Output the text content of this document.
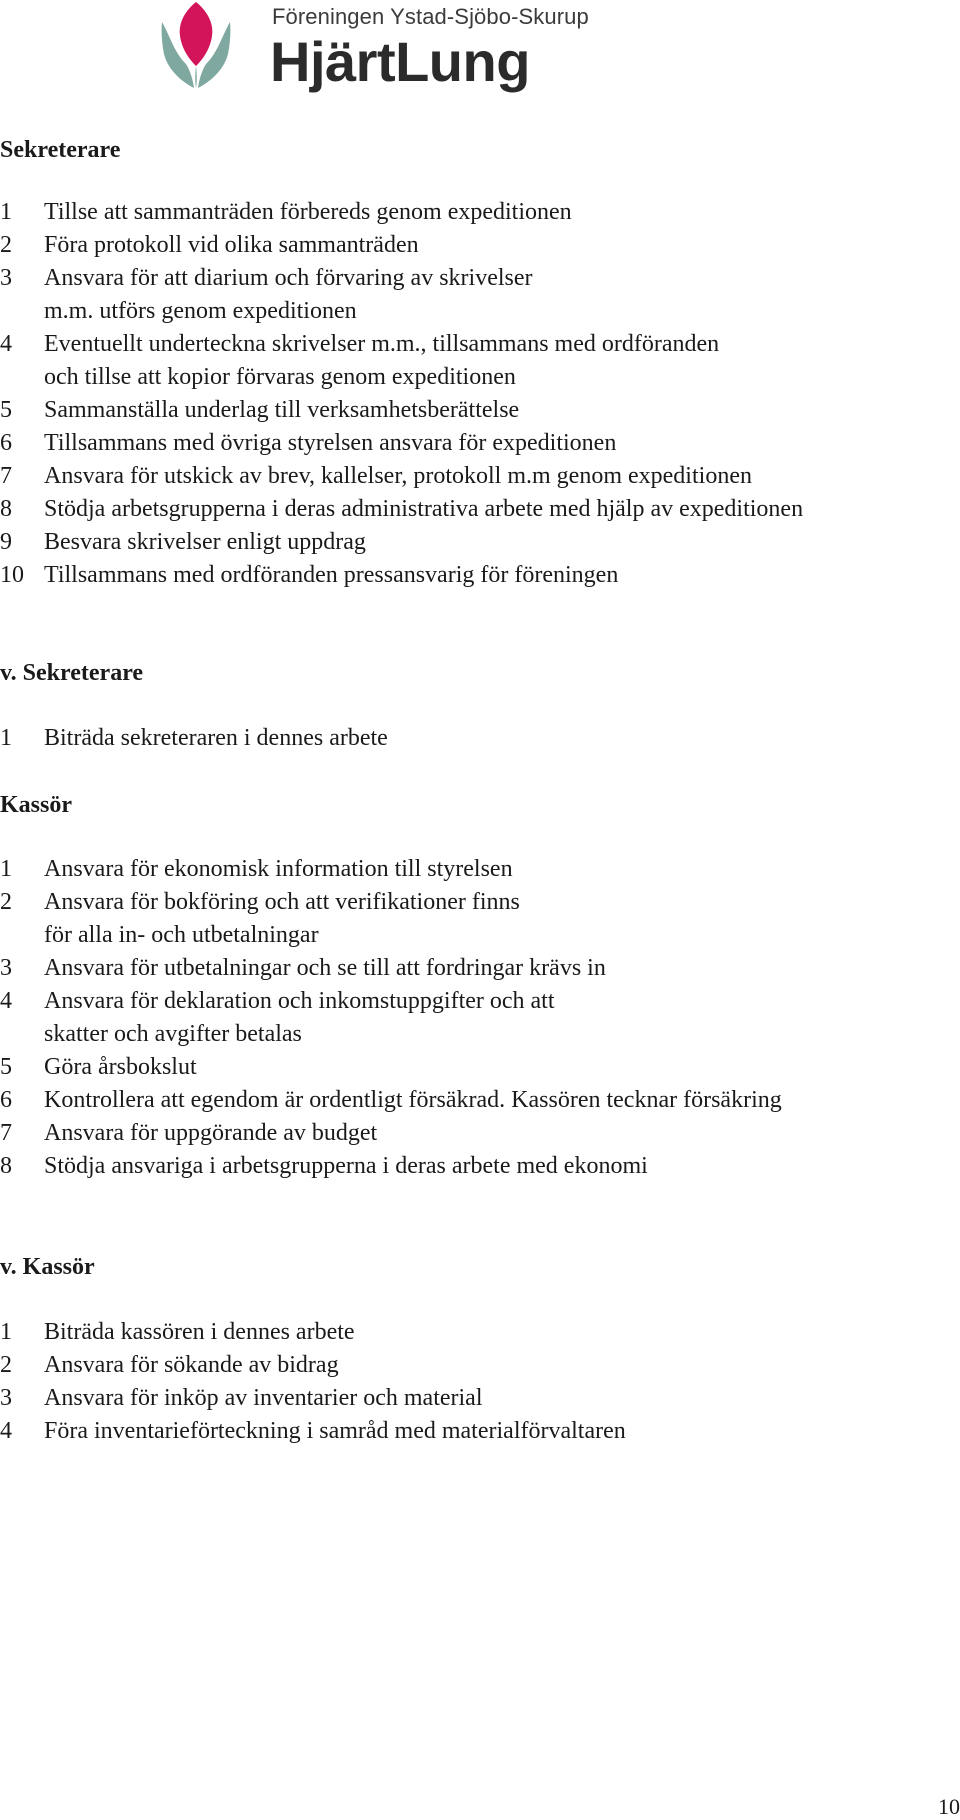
Föreningen Ystad-Sjöbo-Skurup
HjärtLung
Sekreterare
1	Tillse att sammanträden förbereds genom expeditionen
2	Föra protokoll vid olika sammanträden
3	Ansvara för att diarium och förvaring av skrivelser
m.m. utförs genom expeditionen
4	Eventuellt underteckna skrivelser m.m., tillsammans med ordföranden
och tillse att kopior förvaras genom expeditionen
5	Sammanställa underlag till verksamhetsberättelse
6	Tillsammans med övriga styrelsen ansvara för expeditionen
7	Ansvara för utskick av brev, kallelser, protokoll m.m genom expeditionen
8	Stödja arbetsgrupperna i deras administrativa arbete med hjälp av expeditionen
9	Besvara skrivelser enligt uppdrag
10 Tillsammans med ordföranden pressansvarig för föreningen
v. Sekreterare
1	Biträda sekreteraren i dennes arbete
Kassör
1	Ansvara för ekonomisk information till styrelsen
2	Ansvara för bokföring och att verifikationer finns
för alla in- och utbetalningar
3	Ansvara för utbetalningar och se till att fordringar krävs in
4	Ansvara för deklaration och inkomstuppgifter och att
skatter och avgifter betalas
5	Göra årsbokslut
6	Kontrollera att egendom är ordentligt försäkrad. Kassören tecknar försäkring
7	Ansvara för uppgörande av budget
8	Stödja ansvariga i arbetsgrupperna i deras arbete med ekonomi
v. Kassör
1	Biträda kassören i dennes arbete
2	Ansvara för sökande av bidrag
3	Ansvara för inköp av inventarier och material
4	Föra inventarieförteckning i samråd med materialförvaltaren
10
